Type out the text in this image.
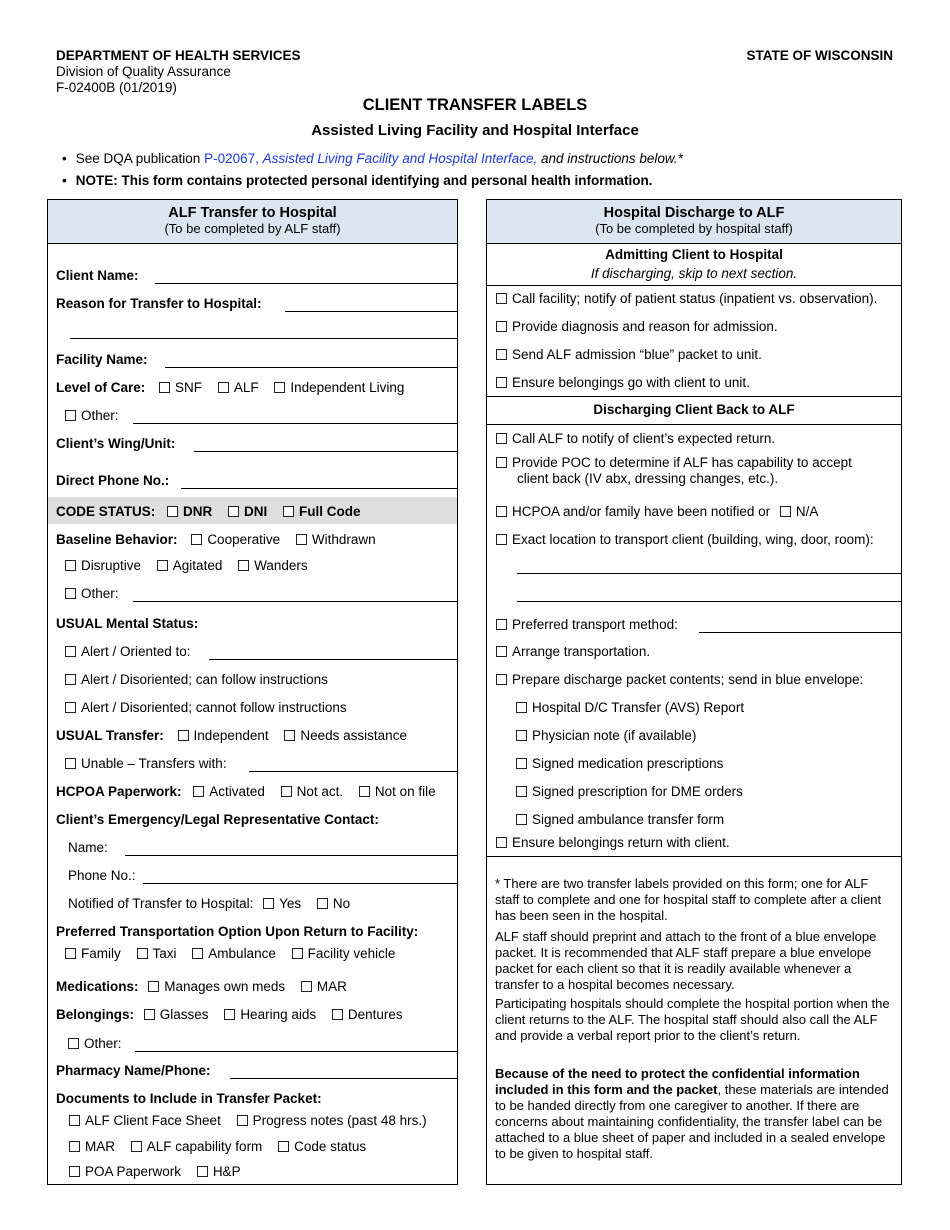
DEPARTMENT OF HEALTH SERVICES
Division of Quality Assurance
F-02400B (01/2019)
STATE OF WISCONSIN
CLIENT TRANSFER LABELS
Assisted Living Facility and Hospital Interface
• See DQA publication P-02067, Assisted Living Facility and Hospital Interface, and instructions below.*
• NOTE: This form contains protected personal identifying and personal health information.
ALF Transfer to Hospital
(To be completed by ALF staff)
Client Name:
Reason for Transfer to Hospital:
Facility Name:
Level of Care: SNF ALF Independent Living
Other:
Client’s Wing/Unit:
Direct Phone No.:
CODE STATUS: DNR DNI Full Code
Baseline Behavior: Cooperative Withdrawn
Disruptive Agitated Wanders
Other:
USUAL Mental Status:
Alert / Oriented to:
Alert / Disoriented; can follow instructions
Alert / Disoriented; cannot follow instructions
USUAL Transfer: Independent Needs assistance
Unable – Transfers with:
HCPOA Paperwork: Activated Not act. Not on file
Client’s Emergency/Legal Representative Contact:
Name:
Phone No.:
Notified of Transfer to Hospital: Yes No
Preferred Transportation Option Upon Return to Facility:
Family Taxi Ambulance Facility vehicle
Medications: Manages own meds MAR
Belongings: Glasses Hearing aids Dentures
Other:
Pharmacy Name/Phone:
Documents to Include in Transfer Packet:
ALF Client Face Sheet Progress notes (past 48 hrs.)
MAR ALF capability form Code status
POA Paperwork H&P
Hospital Discharge to ALF
(To be completed by hospital staff)
Admitting Client to Hospital
If discharging, skip to next section.
Call facility; notify of patient status (inpatient vs. observation).
Provide diagnosis and reason for admission.
Send ALF admission “blue” packet to unit.
Ensure belongings go with client to unit.
Discharging Client Back to ALF
Call ALF to notify of client’s expected return.
Provide POC to determine if ALF has capability to accept
client back (IV abx, dressing changes, etc.).
HCPOA and/or family have been notified or N/A
Exact location to transport client (building, wing, door, room):
Preferred transport method:
Arrange transportation.
Prepare discharge packet contents; send in blue envelope:
Hospital D/C Transfer (AVS) Report
Physician note (if available)
Signed medication prescriptions
Signed prescription for DME orders
Signed ambulance transfer form
Ensure belongings return with client.
* There are two transfer labels provided on this form; one for ALF staff to complete and one for hospital staff to complete after a client has been seen in the hospital.
ALF staff should preprint and attach to the front of a blue envelope packet. It is recommended that ALF staff prepare a blue envelope packet for each client so that it is readily available whenever a transfer to a hospital becomes necessary.
Participating hospitals should complete the hospital portion when the client returns to the ALF. The hospital staff should also call the ALF and provide a verbal report prior to the client’s return.
Because of the need to protect the confidential information included in this form and the packet, these materials are intended to be handed directly from one caregiver to another. If there are concerns about maintaining confidentiality, the transfer label can be attached to a blue sheet of paper and included in a sealed envelope to be given to hospital staff.
